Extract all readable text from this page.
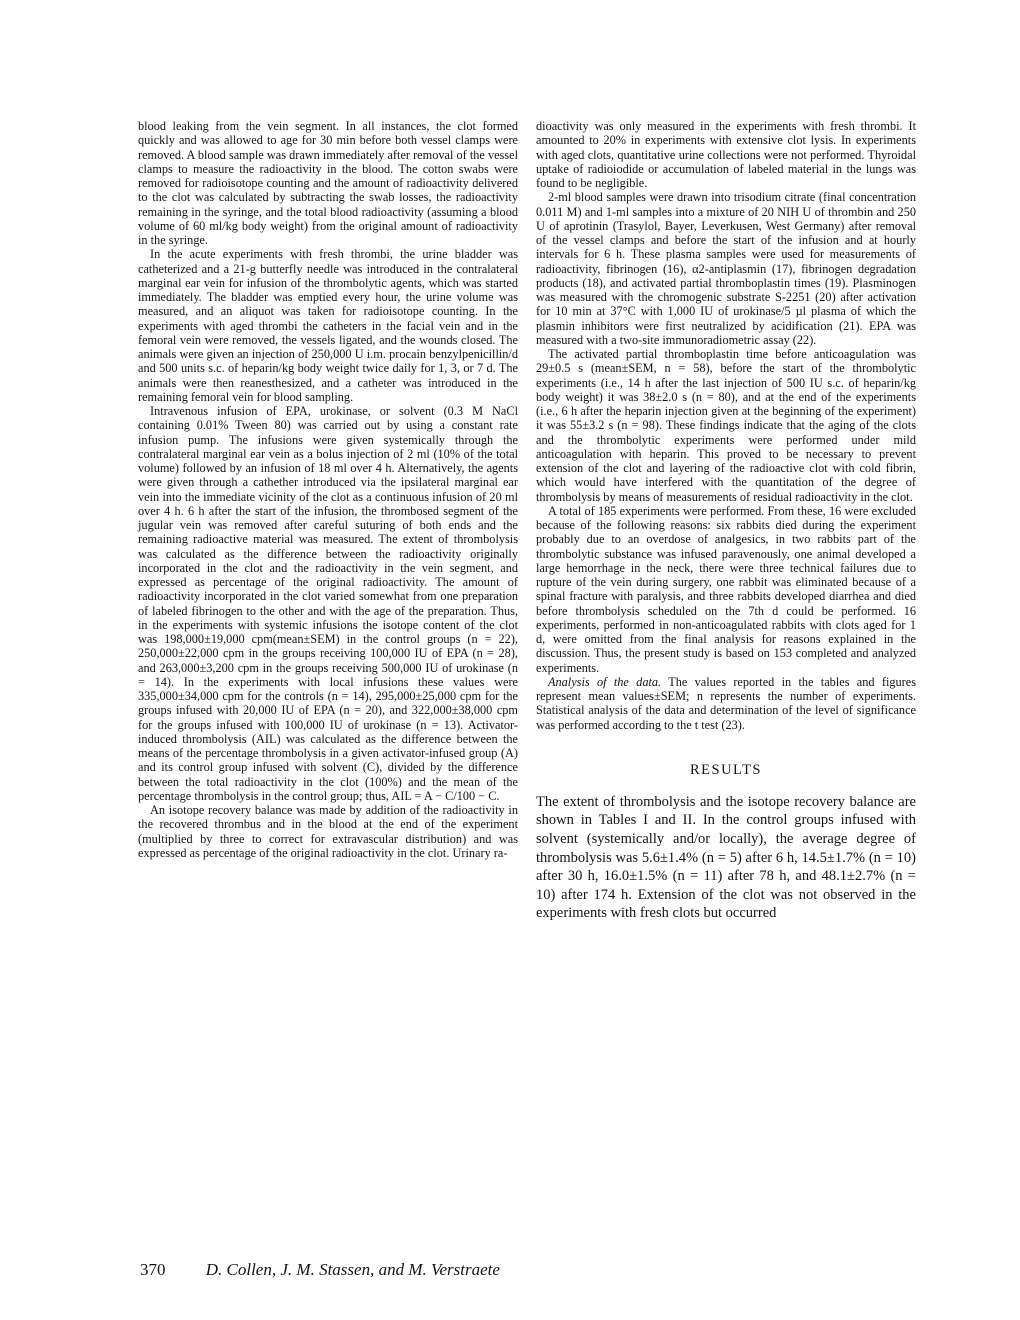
blood leaking from the vein segment. In all instances, the clot formed quickly and was allowed to age for 30 min before both vessel clamps were removed. A blood sample was drawn immediately after removal of the vessel clamps to measure the radioactivity in the blood. The cotton swabs were removed for radioisotope counting and the amount of radioactivity delivered to the clot was calculated by subtracting the swab losses, the radioactivity remaining in the syringe, and the total blood radioactivity (assuming a blood volume of 60 ml/kg body weight) from the original amount of radioactivity in the syringe.

In the acute experiments with fresh thrombi, the urine bladder was catheterized and a 21-g butterfly needle was introduced in the contralateral marginal ear vein for infusion of the thrombolytic agents, which was started immediately. The bladder was emptied every hour, the urine volume was measured, and an aliquot was taken for radioisotope counting. In the experiments with aged thrombi the catheters in the facial vein and in the femoral vein were removed, the vessels ligated, and the wounds closed. The animals were given an injection of 250,000 U i.m. procain benzylpenicillin/d and 500 units s.c. of heparin/kg body weight twice daily for 1, 3, or 7 d. The animals were then reanesthesized, and a catheter was introduced in the remaining femoral vein for blood sampling.

Intravenous infusion of EPA, urokinase, or solvent (0.3 M NaCl containing 0.01% Tween 80) was carried out by using a constant rate infusion pump. The infusions were given systemically through the contralateral marginal ear vein as a bolus injection of 2 ml (10% of the total volume) followed by an infusion of 18 ml over 4 h. Alternatively, the agents were given through a cathether introduced via the ipsilateral marginal ear vein into the immediate vicinity of the clot as a continuous infusion of 20 ml over 4 h. 6 h after the start of the infusion, the thrombosed segment of the jugular vein was removed after careful suturing of both ends and the remaining radioactive material was measured. The extent of thrombolysis was calculated as the difference between the radioactivity originally incorporated in the clot and the radioactivity in the vein segment, and expressed as percentage of the original radioactivity. The amount of radioactivity incorporated in the clot varied somewhat from one preparation of labeled fibrinogen to the other and with the age of the preparation. Thus, in the experiments with systemic infusions the isotope content of the clot was 198,000±19,000 cpm(mean±SEM) in the control groups (n = 22), 250,000±22,000 cpm in the groups receiving 100,000 IU of EPA (n = 28), and 263,000±3,200 cpm in the groups receiving 500,000 IU of urokinase (n = 14). In the experiments with local infusions these values were 335,000±34,000 cpm for the controls (n = 14), 295,000±25,000 cpm for the groups infused with 20,000 IU of EPA (n = 20), and 322,000±38,000 cpm for the groups infused with 100,000 IU of urokinase (n = 13). Activator-induced thrombolysis (AIL) was calculated as the difference between the means of the percentage thrombolysis in a given activator-infused group (A) and its control group infused with solvent (C), divided by the difference between the total radioactivity in the clot (100%) and the mean of the percentage thrombolysis in the control group; thus, AIL = A − C/100 − C.

An isotope recovery balance was made by addition of the radioactivity in the recovered thrombus and in the blood at the end of the experiment (multiplied by three to correct for extravascular distribution) and was expressed as percentage of the original radioactivity in the clot. Urinary ra-

dioactivity was only measured in the experiments with fresh thrombi. It amounted to 20% in experiments with extensive clot lysis. In experiments with aged clots, quantitative urine collections were not performed. Thyroidal uptake of radioiodide or accumulation of labeled material in the lungs was found to be negligible.

2-ml blood samples were drawn into trisodium citrate (final concentration 0.011 M) and 1-ml samples into a mixture of 20 NIH U of thrombin and 250 U of aprotinin (Trasylol, Bayer, Leverkusen, West Germany) after removal of the vessel clamps and before the start of the infusion and at hourly intervals for 6 h. These plasma samples were used for measurements of radioactivity, fibrinogen (16), α2-antiplasmin (17), fibrinogen degradation products (18), and activated partial thromboplastin times (19). Plasminogen was measured with the chromogenic substrate S-2251 (20) after activation for 10 min at 37°C with 1,000 IU of urokinase/5 µl plasma of which the plasmin inhibitors were first neutralized by acidification (21). EPA was measured with a two-site immunoradiometric assay (22).

The activated partial thromboplastin time before anticoagulation was 29±0.5 s (mean±SEM, n = 58), before the start of the thrombolytic experiments (i.e., 14 h after the last injection of 500 IU s.c. of heparin/kg body weight) it was 38±2.0 s (n = 80), and at the end of the experiments (i.e., 6 h after the heparin injection given at the beginning of the experiment) it was 55±3.2 s (n = 98). These findings indicate that the aging of the clots and the thrombolytic experiments were performed under mild anticoagulation with heparin. This proved to be necessary to prevent extension of the clot and layering of the radioactive clot with cold fibrin, which would have interfered with the quantitation of the degree of thrombolysis by means of measurements of residual radioactivity in the clot.

A total of 185 experiments were performed. From these, 16 were excluded because of the following reasons: six rabbits died during the experiment probably due to an overdose of analgesics, in two rabbits part of the thrombolytic substance was infused paravenously, one animal developed a large hemorrhage in the neck, there were three technical failures due to rupture of the vein during surgery, one rabbit was eliminated because of a spinal fracture with paralysis, and three rabbits developed diarrhea and died before thrombolysis scheduled on the 7th d could be performed. 16 experiments, performed in non-anticoagulated rabbits with clots aged for 1 d, were omitted from the final analysis for reasons explained in the discussion. Thus, the present study is based on 153 completed and analyzed experiments.

Analysis of the data. The values reported in the tables and figures represent mean values±SEM; n represents the number of experiments. Statistical analysis of the data and determination of the level of significance was performed according to the t test (23).

RESULTS

The extent of thrombolysis and the isotope recovery balance are shown in Tables I and II. In the control groups infused with solvent (systemically and/or locally), the average degree of thrombolysis was 5.6±1.4% (n = 5) after 6 h, 14.5±1.7% (n = 10) after 30 h, 16.0±1.5% (n = 11) after 78 h, and 48.1±2.7% (n = 10) after 174 h. Extension of the clot was not observed in the experiments with fresh clots but occurred

370 D. Collen, J. M. Stassen, and M. Verstraete
